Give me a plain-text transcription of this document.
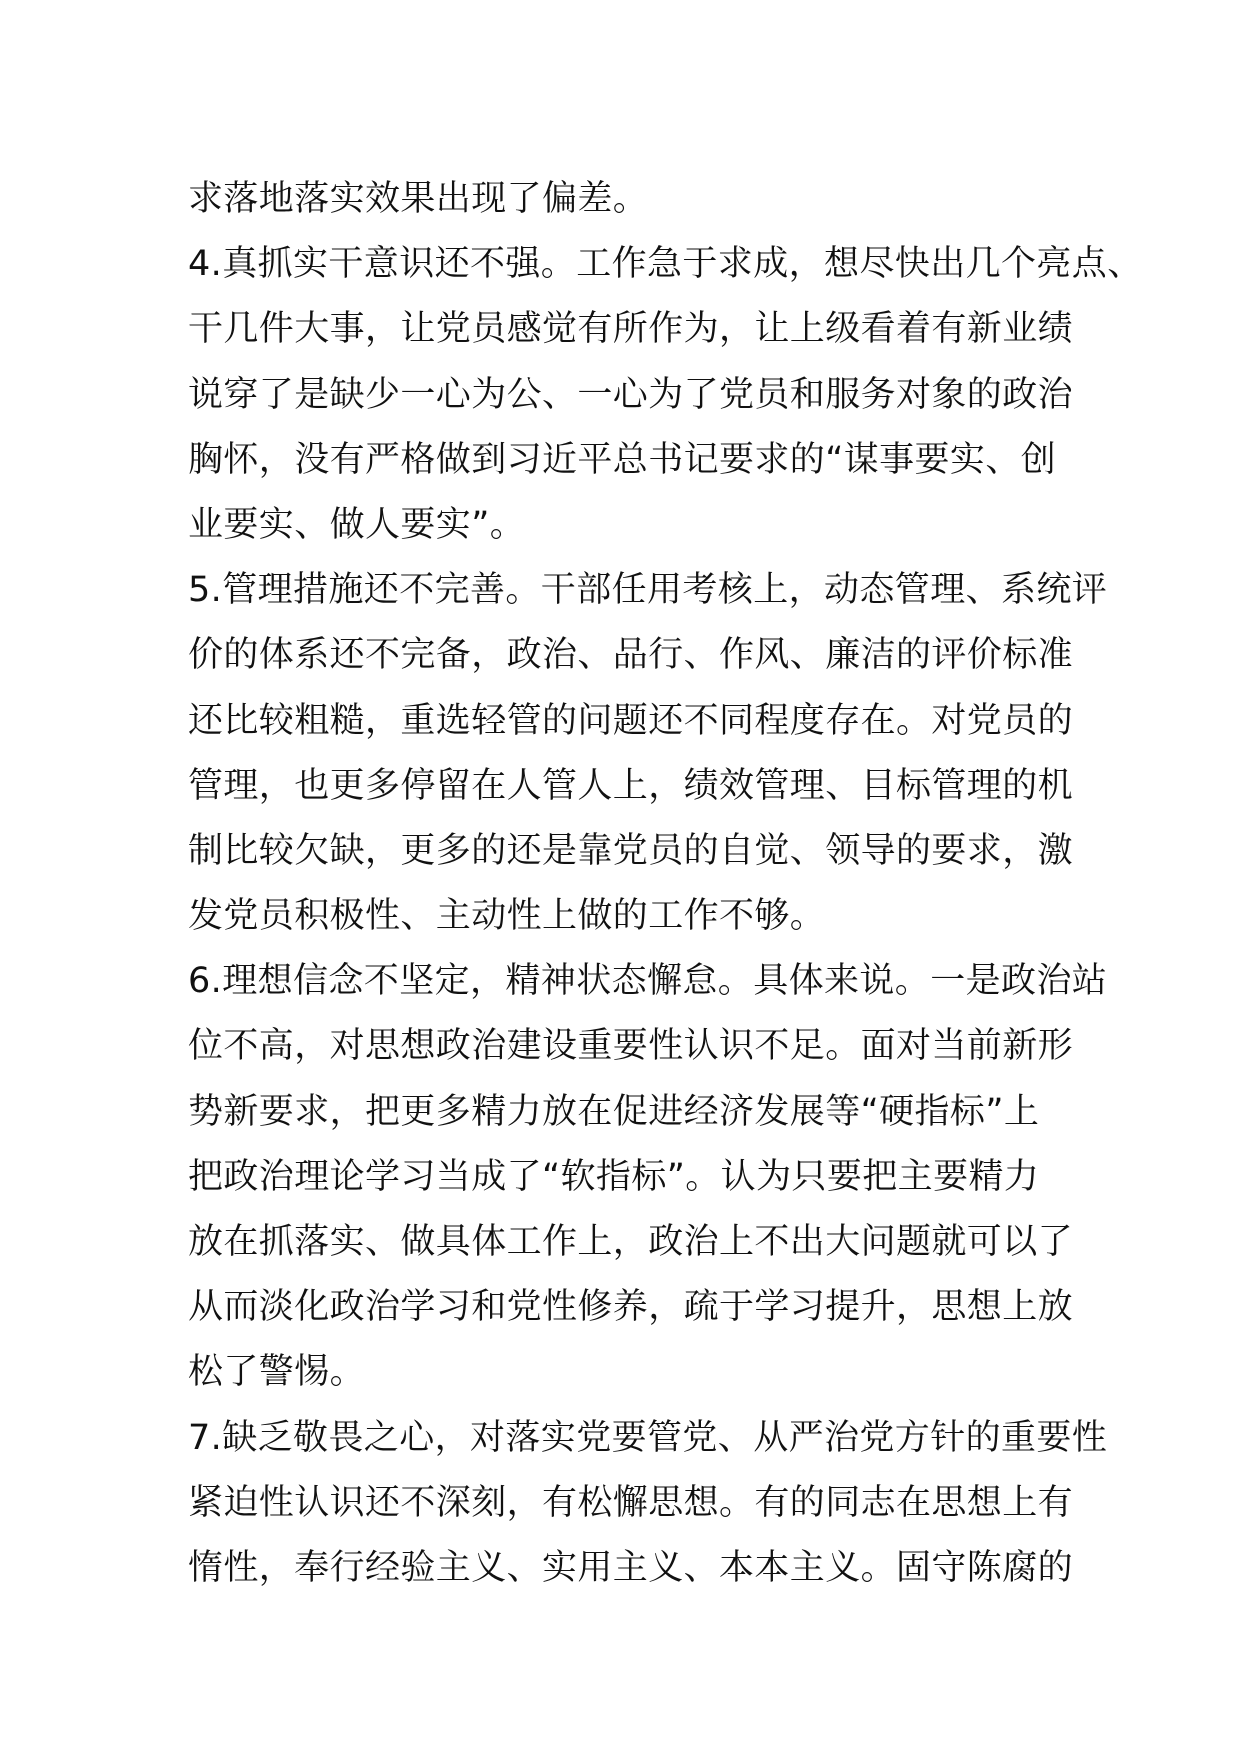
求落地落实效果出现了偏差。
4.真抓实干意识还不强。工作急于求成，想尽快出几个亮点、
干几件大事，让党员感觉有所作为，让上级看着有新业绩
说穿了是缺少一心为公、一心为了党员和服务对象的政治
胸怀，没有严格做到习近平总书记要求的“谋事要实、创
业要实、做人要实”。
5.管理措施还不完善。干部任用考核上，动态管理、系统评
价的体系还不完备，政治、品行、作风、廉洁的评价标准
还比较粗糙，重选轻管的问题还不同程度存在。对党员的
管理，也更多停留在人管人上，绩效管理、目标管理的机
制比较欠缺，更多的还是靠党员的自觉、领导的要求，激
发党员积极性、主动性上做的工作不够。
6.理想信念不坚定，精神状态懈怠。具体来说。一是政治站
位不高，对思想政治建设重要性认识不足。面对当前新形
势新要求，把更多精力放在促进经济发展等“硬指标”上
把政治理论学习当成了“软指标”。认为只要把主要精力
放在抓落实、做具体工作上，政治上不出大问题就可以了
从而淡化政治学习和党性修养，疏于学习提升，思想上放
松了警惕。
7.缺乏敬畏之心，对落实党要管党、从严治党方针的重要性
紧迫性认识还不深刻，有松懈思想。有的同志在思想上有
惰性，奉行经验主义、实用主义、本本主义。固守陈腐的
